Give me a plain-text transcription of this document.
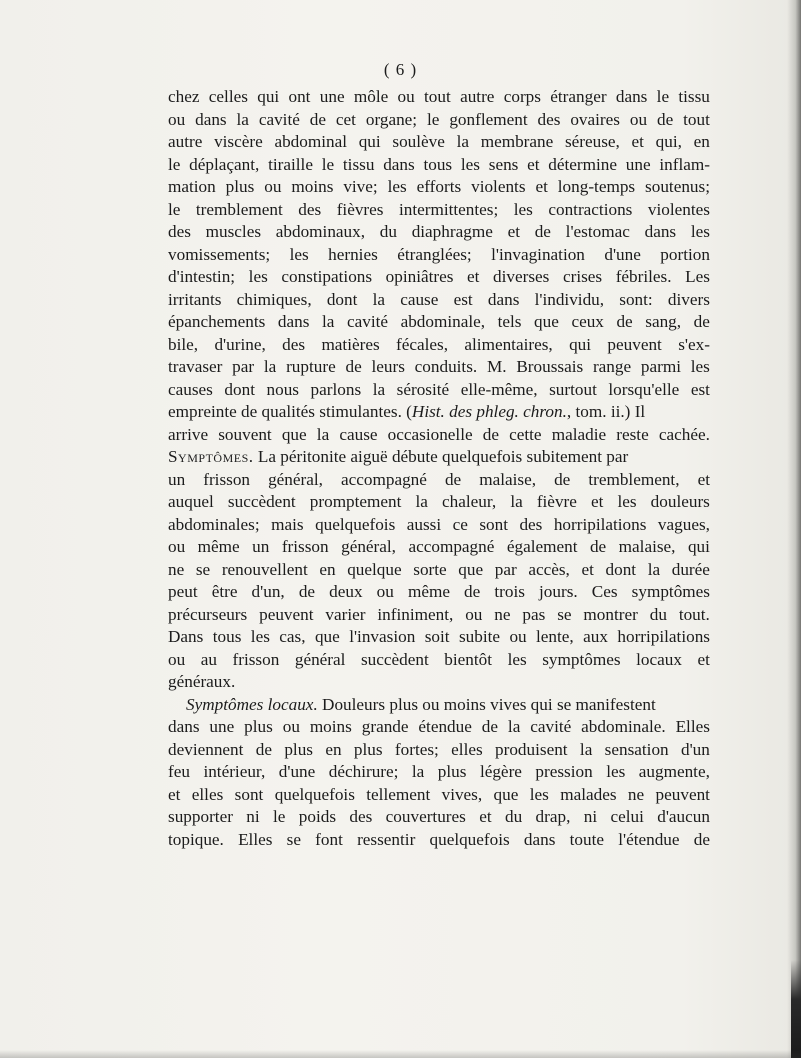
( 6 )
chez celles qui ont une môle ou tout autre corps étranger dans le tissu
ou dans la cavité de cet organe; le gonflement des ovaires ou de tout
autre viscère abdominal qui soulève la membrane séreuse, et qui, en
le déplaçant, tiraille le tissu dans tous les sens et détermine une inflam-
mation plus ou moins vive; les efforts violents et long-temps soutenus;
le tremblement des fièvres intermittentes; les contractions violentes
des muscles abdominaux, du diaphragme et de l'estomac dans les
vomissements; les hernies étranglées; l'invagination d'une portion
d'intestin; les constipations opiniâtres et diverses crises fébriles. Les
irritants chimiques, dont la cause est dans l'individu, sont: divers
épanchements dans la cavité abdominale, tels que ceux de sang, de
bile, d'urine, des matières fécales, alimentaires, qui peuvent s'ex-
travaser par la rupture de leurs conduits. M. Broussais range parmi les
causes dont nous parlons la sérosité elle-même, surtout lorsqu'elle est
empreinte de qualités stimulantes. ( Hist. des phleg. chron. , tom. ii.) Il
arrive souvent que la cause occasionelle de cette maladie reste cachée.
Symptômes. La péritonite aiguë débute quelquefois subitement par
un frisson général, accompagné de malaise, de tremblement, et
auquel succèdent promptement la chaleur, la fièvre et les douleurs
abdominales; mais quelquefois aussi ce sont des horripilations vagues,
ou même un frisson général, accompagné également de malaise, qui
ne se renouvellent en quelque sorte que par accès, et dont la durée
peut être d'un, de deux ou même de trois jours. Ces symptômes
précurseurs peuvent varier infiniment, ou ne pas se montrer du tout.
Dans tous les cas, que l'invasion soit subite ou lente, aux horripilations
ou au frisson général succèdent bientôt les symptômes locaux et
généraux.
Symptômes locaux. Douleurs plus ou moins vives qui se manifestent
dans une plus ou moins grande étendue de la cavité abdominale. Elles
deviennent de plus en plus fortes; elles produisent la sensation d'un
feu intérieur, d'une déchirure; la plus légère pression les augmente,
et elles sont quelquefois tellement vives, que les malades ne peuvent
supporter ni le poids des couvertures et du drap, ni celui d'aucun
topique. Elles se font ressentir quelquefois dans toute l'étendue de
